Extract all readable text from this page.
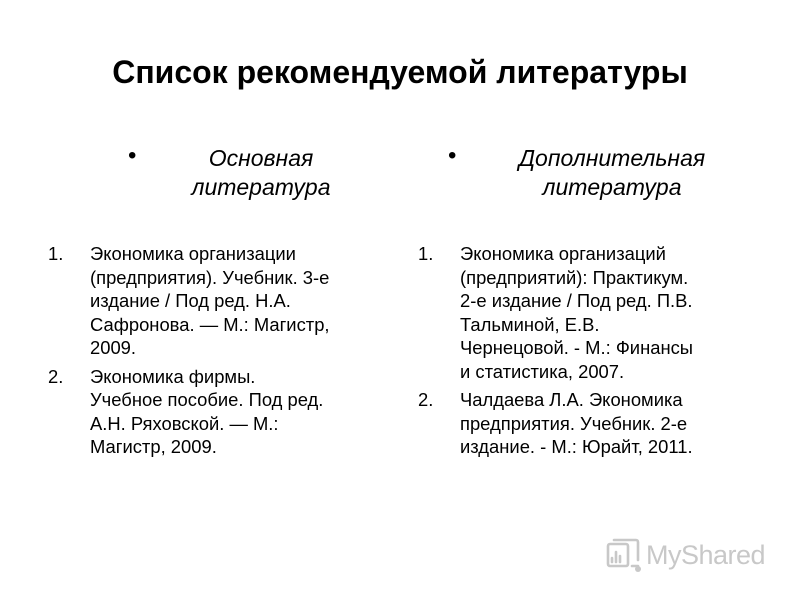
Список рекомендуемой литературы
•	Основная
литература
1. Экономика организации
(предприятия). Учебник. 3-е
издание / Под ред. Н.А.
Сафронова. — М.: Магистр,
2009.
2. Экономика фирмы.
Учебное пособие. Под ред.
А.Н. Ряховской. — М.:
Магистр, 2009.
•	Дополнительная
литература
1. Экономика организаций
(предприятий): Практикум.
2-е издание / Под ред. П.В.
Тальминой, Е.В.
Чернецовой. - М.: Финансы
и статистика, 2007.
2. Чалдаева Л.А. Экономика
предприятия. Учебник. 2-е
издание. - М.: Юрайт, 2011.
MyShared
